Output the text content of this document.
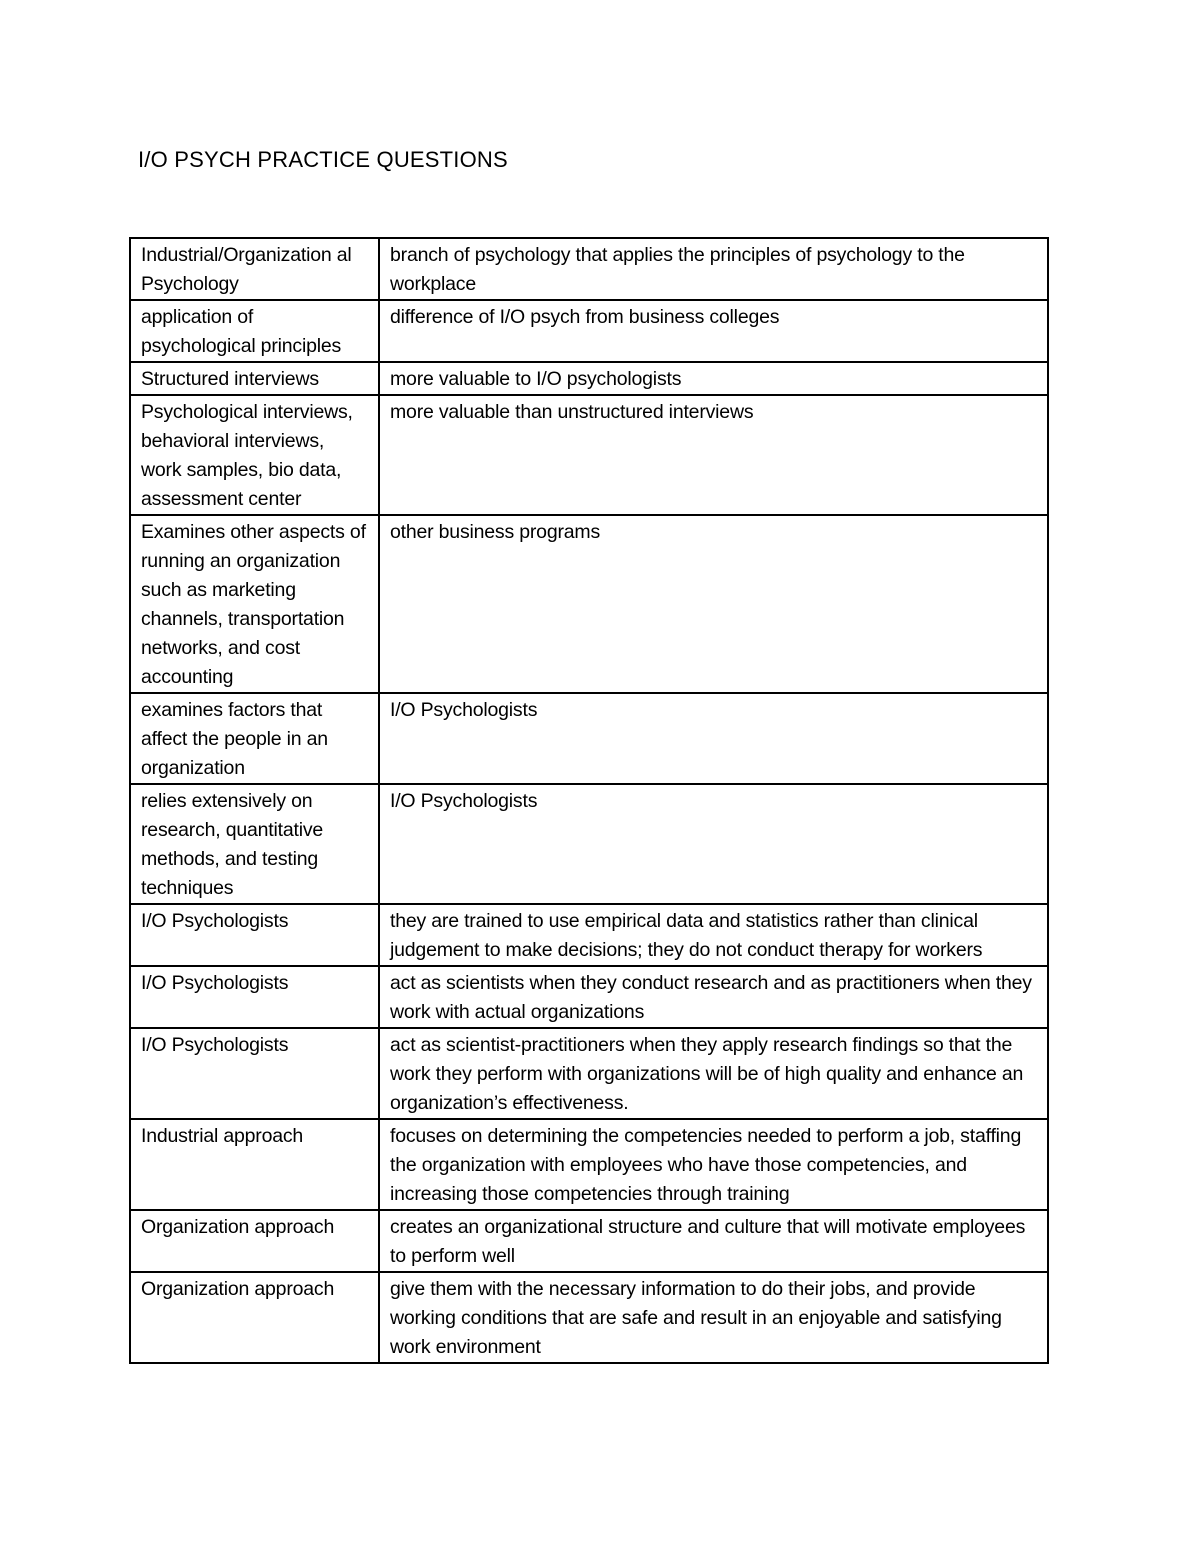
I/O PSYCH PRACTICE QUESTIONS
Industrial/Organization al Psychology	branch of psychology that applies the principles of psychology to the workplace
application of psychological principles	difference of I/O psych from business colleges
Structured interviews	more valuable to I/O psychologists
Psychological interviews, behavioral interviews, work samples, bio data, assessment center	more valuable than unstructured interviews
Examines other aspects of running an organization such as marketing channels, transportation networks, and cost accounting	other business programs
examines factors that affect the people in an organization	I/O Psychologists
relies extensively on research, quantitative methods, and testing techniques	I/O Psychologists
I/O Psychologists	they are trained to use empirical data and statistics rather than clinical judgement to make decisions; they do not conduct therapy for workers
I/O Psychologists	act as scientists when they conduct research and as practitioners when they work with actual organizations
I/O Psychologists	act as scientist-practitioners when they apply research findings so that the work they perform with organizations will be of high quality and enhance an organization’s effectiveness.
Industrial approach	focuses on determining the competencies needed to perform a job, staffing the organization with employees who have those competencies, and increasing those competencies through training
Organization approach	creates an organizational structure and culture that will motivate employees to perform well
Organization approach	give them with the necessary information to do their jobs, and provide working conditions that are safe and result in an enjoyable and satisfying work environment
